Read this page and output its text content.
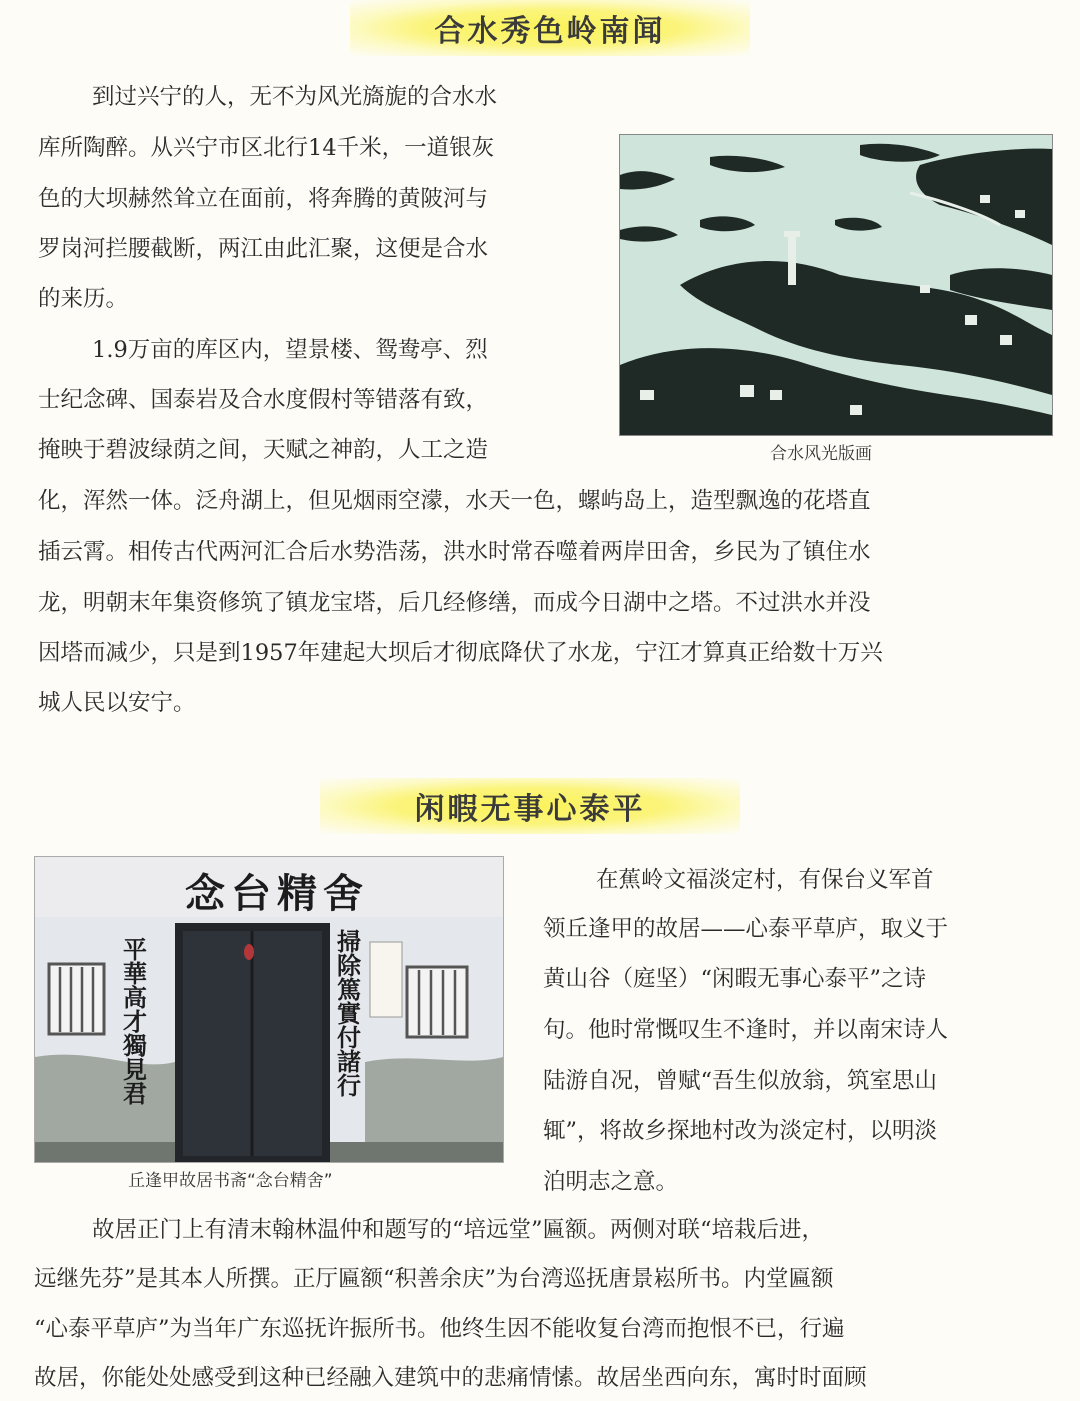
合水秀色岭南闻
到过兴宁的人，无不为风光旖旎的合水水
库所陶醉。从兴宁市区北行14千米，一道银灰
色的大坝赫然耸立在面前，将奔腾的黄陂河与
罗岗河拦腰截断，两江由此汇聚，这便是合水
的来历。
1.9万亩的库区内，望景楼、鸳鸯亭、烈
士纪念碑、国泰岩及合水度假村等错落有致，
掩映于碧波绿荫之间，天赋之神韵，人工之造
化，浑然一体。泛舟湖上，但见烟雨空濛，水天一色，螺屿岛上，造型飘逸的花塔直
插云霄。相传古代两河汇合后水势浩荡，洪水时常吞噬着两岸田舍，乡民为了镇住水
龙，明朝末年集资修筑了镇龙宝塔，后几经修缮，而成今日湖中之塔。不过洪水并没
因塔而减少，只是到1957年建起大坝后才彻底降伏了水龙，宁江才算真正给数十万兴
城人民以安宁。
合水风光版画
闲暇无事心泰平
念台精舍
平華高才獨見君	掃除篤實付諸行
丘逢甲故居书斋“念台精舍”
在蕉岭文福淡定村，有保台义军首
领丘逢甲的故居——心泰平草庐，取义于
黄山谷（庭坚）“闲暇无事心泰平”之诗
句。他时常慨叹生不逢时，并以南宋诗人
陆游自况，曾赋“吾生似放翁，筑室思山
辄”，将故乡探地村改为淡定村，以明淡
泊明志之意。
故居正门上有清末翰林温仲和题写的“培远堂”匾额。两侧对联“培栽后进，
远继先芬”是其本人所撰。正厅匾额“积善余庆”为台湾巡抚唐景崧所书。内堂匾额
“心泰平草庐”为当年广东巡抚许振所书。他终生因不能收复台湾而抱恨不已，行遍
故居，你能处处感受到这种已经融入建筑中的悲痛情愫。故居坐西向东，寓时时面顾
